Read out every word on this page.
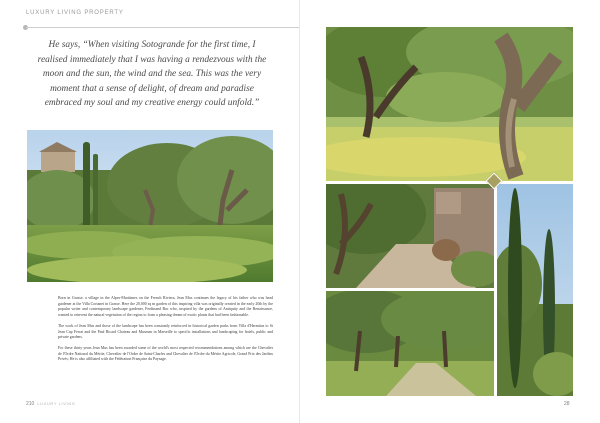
LUXURY LIVING PROPERTY

He says, “When visiting Sotogrande for the first time, I realised immediately that I was having a rendezvous with the moon and the sun, the wind and the sea. This was the very moment that a sense of delight, of dream and paradise embraced my soul and my creative energy could unfold.”

Born in Grasse, a village in the Alpes-Maritimes on the French Riviera, Jean Mus continues the legacy of his father who was head gardener at the Villa Cortanet in Grasse. Here the 20,000 sq m garden of this inspiring villa was originally created in the early 20th by the popular writer and contemporary landscape gardener, Ferdinand Bac who, inspired by the gardens of Antiquity and the Renaissance, wanted to reinvent the natural vegetation of the region to form a pleasing dream of exotic plants that had been fashionable.

The work of Jean Mus and those of the landscape has been constantly reinforced in historical garden parks from Villa d'Hermitas to St Jean Cap Ferrat and the Paul Ricard Chateau and Museum in Marseille to specific installations and landscaping for hotels, public and private gardens.

For these thirty years Jean Mus has been awarded some of the world's most respected recommendations among which are the Chevalier de l'Ordre National du Mérite, Chevalier de l'Ordre de Saint-Charles and Chevalier de l'Ordre du Mérite Agricole, Grand Prix des Jardins Privés; He is also affiliated with the Fédération Française du Paysage.

210 LUXURY LIVING	28
